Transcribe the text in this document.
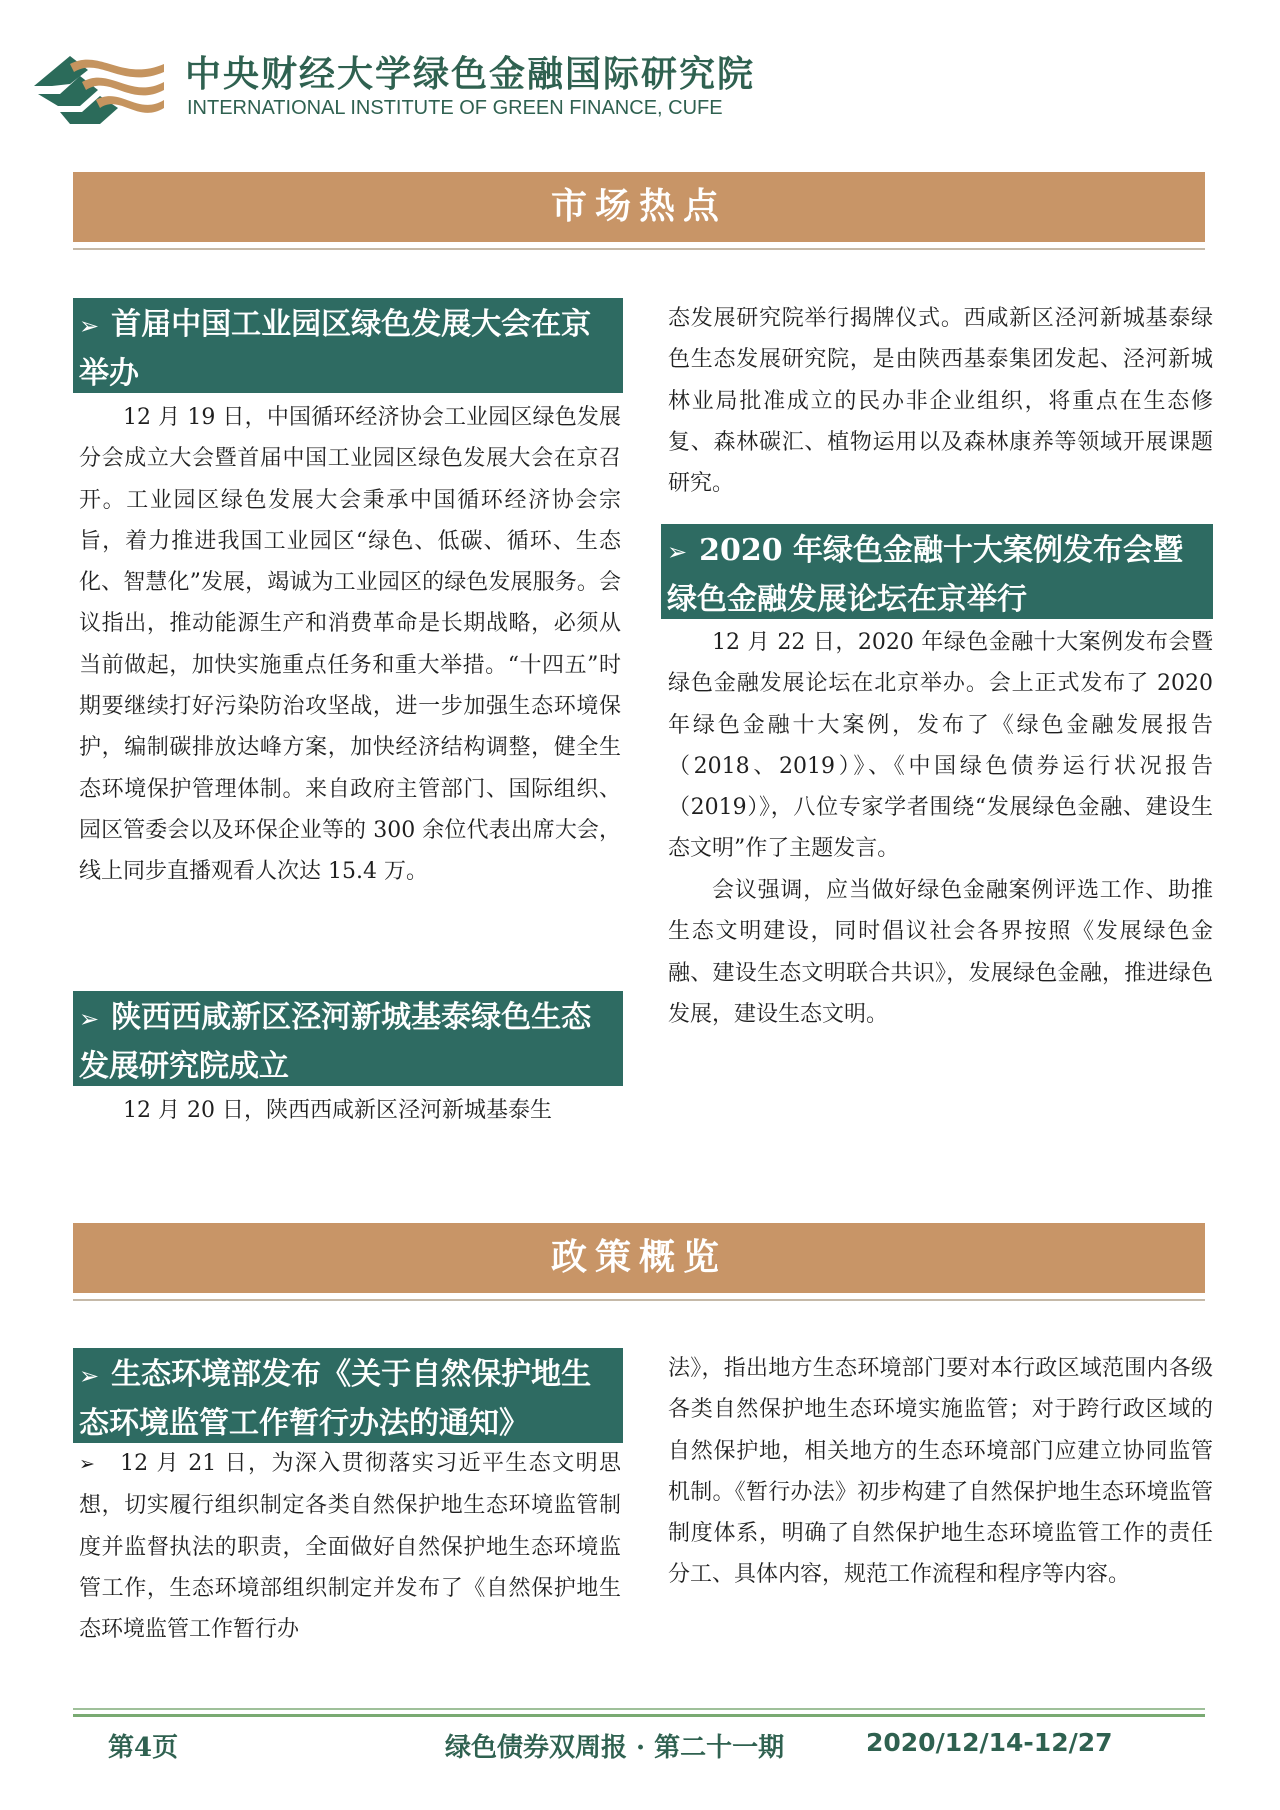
中央财经大学绿色金融国际研究院
INTERNATIONAL INSTITUTE OF GREEN FINANCE, CUFE
市场热点
➢ 首届中国工业园区绿色发展大会在京举办

12 月 19 日，中国循环经济协会工业园区绿色发展分会成立大会暨首届中国工业园区绿色发展大会在京召开。工业园区绿色发展大会秉承中国循环经济协会宗旨，着力推进我国工业园区“绿色、低碳、循环、生态化、智慧化”发展，竭诚为工业园区的绿色发展服务。会议指出，推动能源生产和消费革命是长期战略，必须从当前做起，加快实施重点任务和重大举措。“十四五”时期要继续打好污染防治攻坚战，进一步加强生态环境保护，编制碳排放达峰方案，加快经济结构调整，健全生态环境保护管理体制。来自政府主管部门、国际组织、园区管委会以及环保企业等的 300 余位代表出席大会，线上同步直播观看人次达 15.4 万。

➢ 陕西西咸新区泾河新城基泰绿色生态发展研究院成立

12 月 20 日，陕西西咸新区泾河新城基泰生

态发展研究院举行揭牌仪式。西咸新区泾河新城基泰绿色生态发展研究院，是由陕西基泰集团发起、泾河新城林业局批准成立的民办非企业组织，将重点在生态修复、森林碳汇、植物运用以及森林康养等领域开展课题研究。

➢ 2020 年绿色金融十大案例发布会暨绿色金融发展论坛在京举行

12 月 22 日，2020 年绿色金融十大案例发布会暨绿色金融发展论坛在北京举办。会上正式发布了 2020 年绿色金融十大案例，发布了《绿色金融发展报告（2018、2019）》、《中国绿色债券运行状况报告（2019）》，八位专家学者围绕“发展绿色金融、建设生态文明”作了主题发言。

会议强调，应当做好绿色金融案例评选工作、助推生态文明建设，同时倡议社会各界按照《发展绿色金融、建设生态文明联合共识》，发展绿色金融，推进绿色发展，建设生态文明。

政策概览
➢ 生态环境部发布《关于自然保护地生态环境监管工作暂行办法的通知》

➢ 12 月 21 日，为深入贯彻落实习近平生态文明思想，切实履行组织制定各类自然保护地生态环境监管制度并监督执法的职责，全面做好自然保护地生态环境监管工作，生态环境部组织制定并发布了《自然保护地生态环境监管工作暂行办

法》，指出地方生态环境部门要对本行政区域范围内各级各类自然保护地生态环境实施监管；对于跨行政区域的自然保护地，相关地方的生态环境部门应建立协同监管机制。《暂行办法》初步构建了自然保护地生态环境监管制度体系，明确了自然保护地生态环境监管工作的责任分工、具体内容，规范工作流程和程序等内容。

第4页	绿色债券双周报 · 第二十一期	2020/12/14-12/27
